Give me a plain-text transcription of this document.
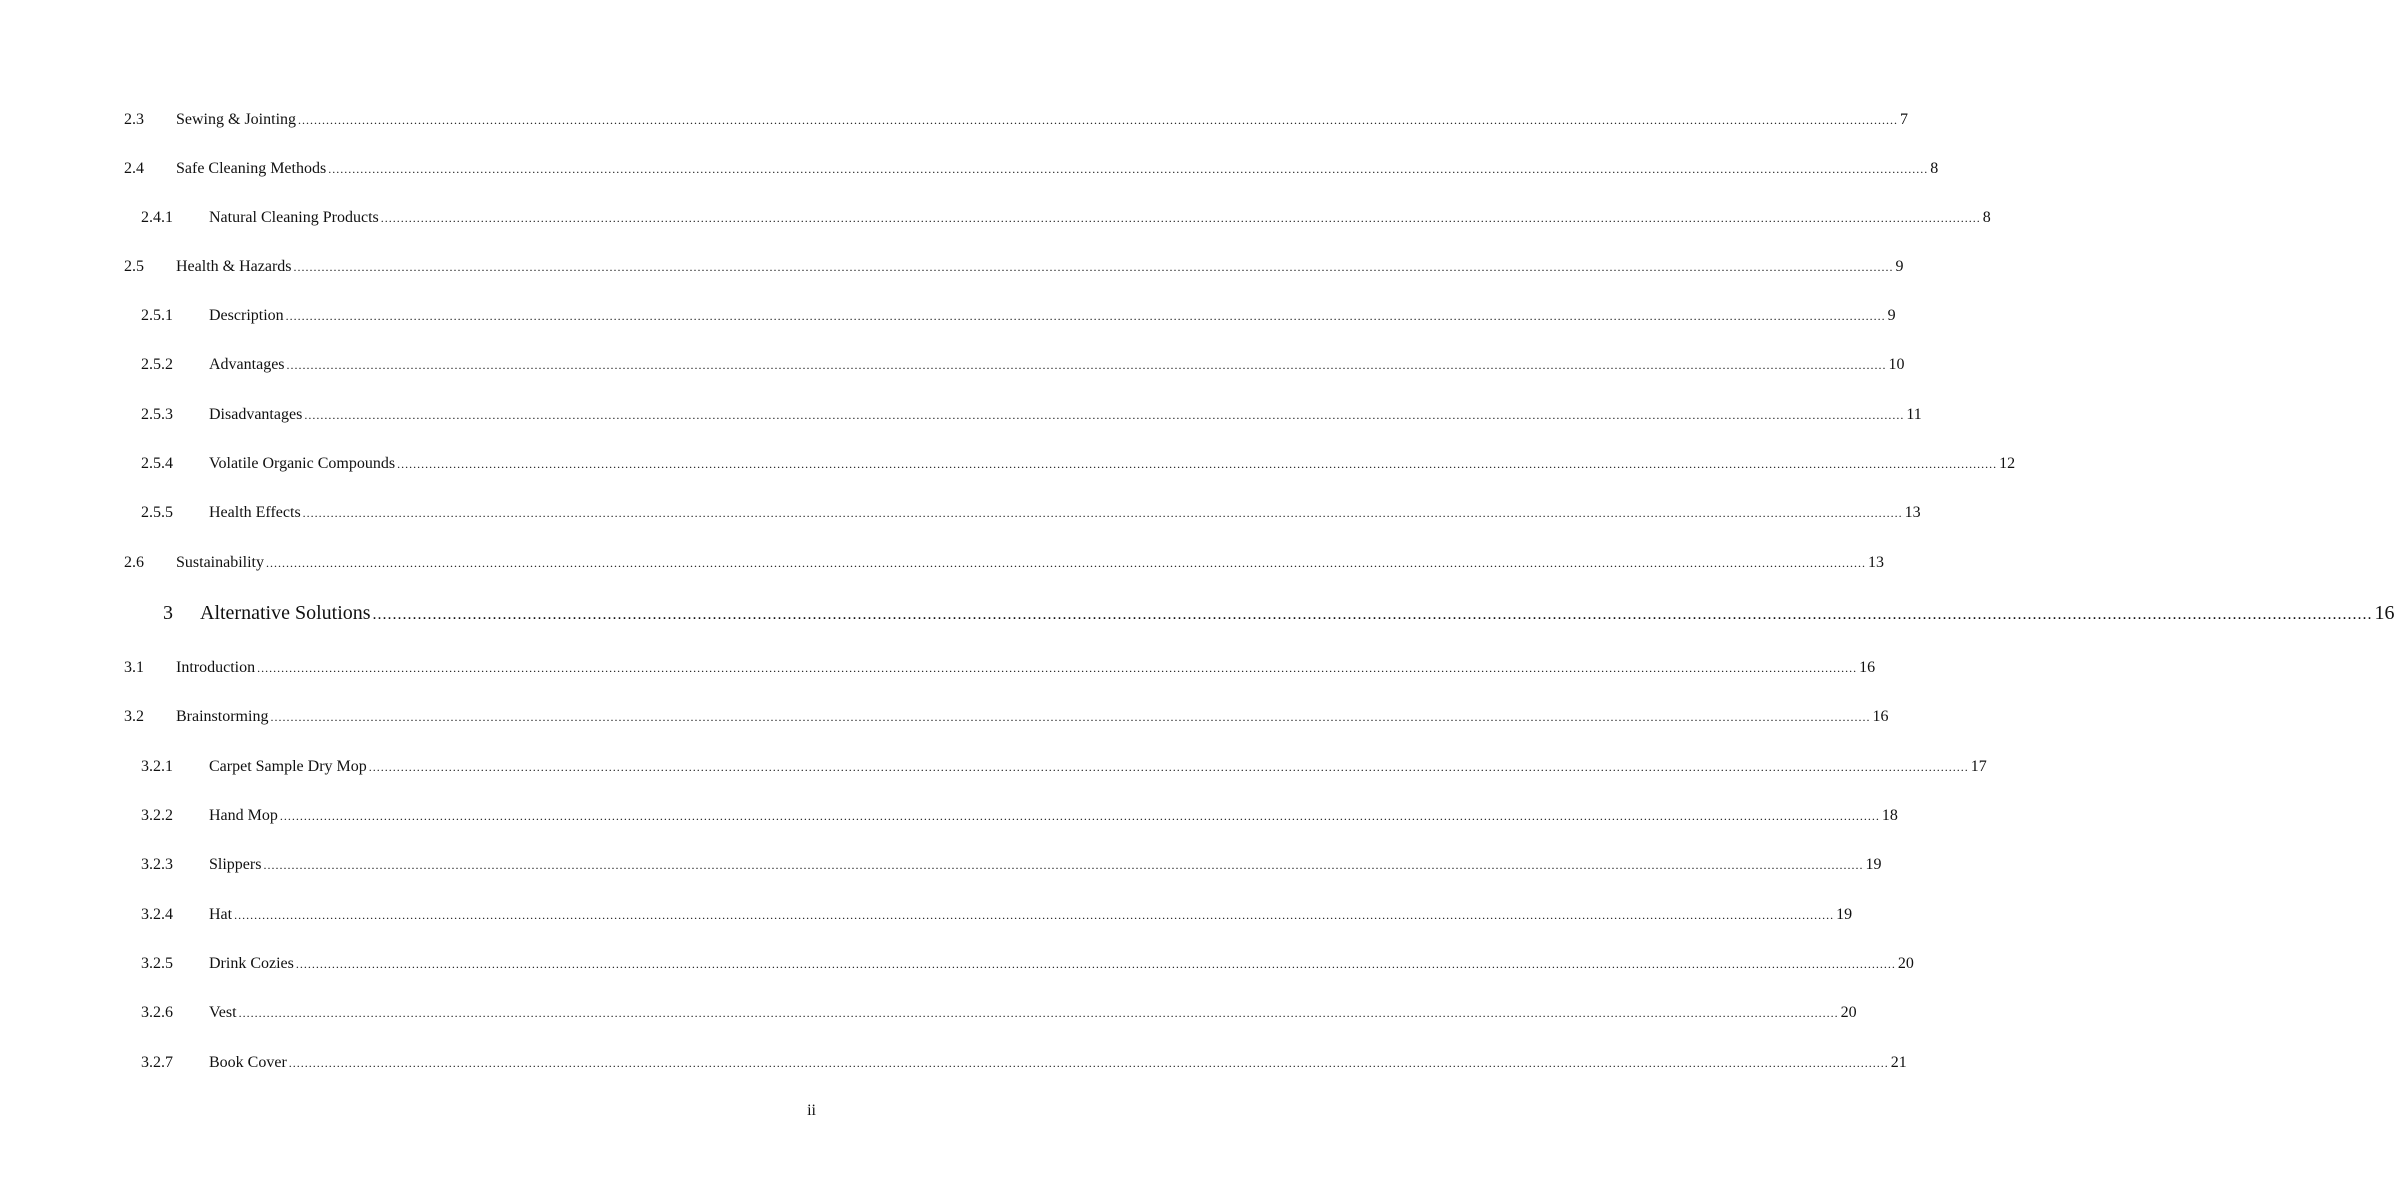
2.3	Sewing & Jointing ................................................................................................................................................................................................................................................................................................................................................................................................................ 7
2.4	Safe Cleaning Methods ................................................................................................................................................................................................................................................................................................................................................................................................................ 8
2.4.1	Natural Cleaning Products ................................................................................................................................................................................................................................................................................................................................................................................................................ 8
2.5	Health & Hazards ................................................................................................................................................................................................................................................................................................................................................................................................................ 9
2.5.1	Description ................................................................................................................................................................................................................................................................................................................................................................................................................ 9
2.5.2	Advantages ................................................................................................................................................................................................................................................................................................................................................................................................................ 10
2.5.3	Disadvantages ................................................................................................................................................................................................................................................................................................................................................................................................................ 11
2.5.4	Volatile Organic Compounds ................................................................................................................................................................................................................................................................................................................................................................................................................ 12
2.5.5	Health Effects ................................................................................................................................................................................................................................................................................................................................................................................................................ 13
2.6	Sustainability ................................................................................................................................................................................................................................................................................................................................................................................................................ 13
3	Alternative Solutions ................................................................................................................................................................................................................................................................................................................................................................................................................ 16
3.1	Introduction ................................................................................................................................................................................................................................................................................................................................................................................................................ 16
3.2	Brainstorming ................................................................................................................................................................................................................................................................................................................................................................................................................ 16
3.2.1	Carpet Sample Dry Mop ................................................................................................................................................................................................................................................................................................................................................................................................................ 17
3.2.2	Hand Mop ................................................................................................................................................................................................................................................................................................................................................................................................................ 18
3.2.3	Slippers ................................................................................................................................................................................................................................................................................................................................................................................................................ 19
3.2.4	Hat ................................................................................................................................................................................................................................................................................................................................................................................................................ 19
3.2.5	Drink Cozies ................................................................................................................................................................................................................................................................................................................................................................................................................ 20
3.2.6	Vest ................................................................................................................................................................................................................................................................................................................................................................................................................ 20
3.2.7	Book Cover ................................................................................................................................................................................................................................................................................................................................................................................................................ 21
ii
